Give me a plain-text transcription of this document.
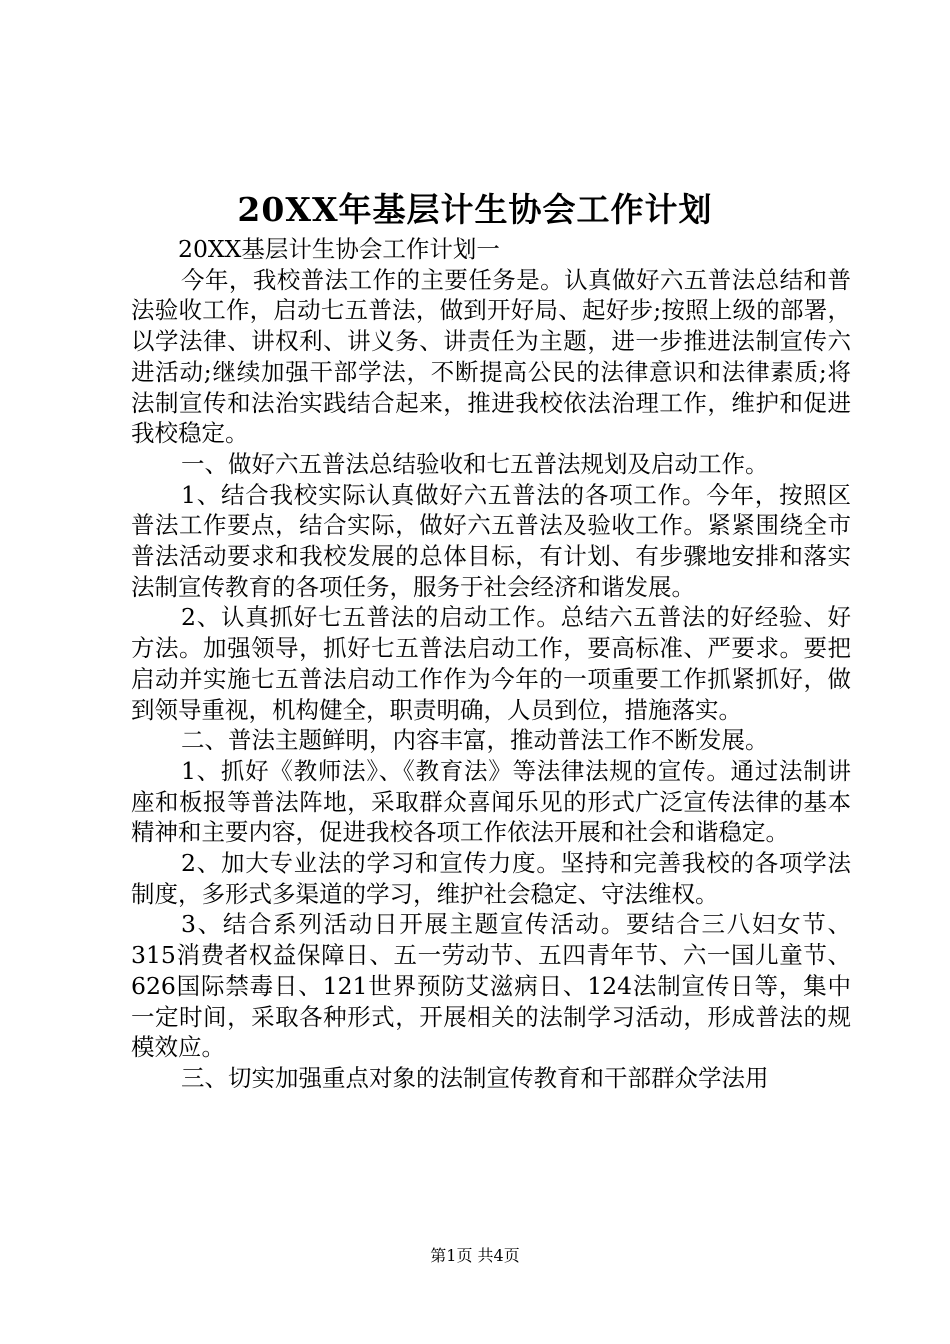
20XX年基层计生协会工作计划

20XX基层计生协会工作计划一

今年，我校普法工作的主要任务是。认真做好六五普法总结和普法验收工作，启动七五普法，做到开好局、起好步;按照上级的部署，以学法律、讲权利、讲义务、讲责任为主题，进一步推进法制宣传六进活动;继续加强干部学法，不断提高公民的法律意识和法律素质;将法制宣传和法治实践结合起来，推进我校依法治理工作，维护和促进我校稳定。

一、做好六五普法总结验收和七五普法规划及启动工作。

1、结合我校实际认真做好六五普法的各项工作。今年，按照区普法工作要点，结合实际，做好六五普法及验收工作。紧紧围绕全市普法活动要求和我校发展的总体目标，有计划、有步骤地安排和落实法制宣传教育的各项任务，服务于社会经济和谐发展。

2、认真抓好七五普法的启动工作。总结六五普法的好经验、好方法。加强领导，抓好七五普法启动工作，要高标准、严要求。要把启动并实施七五普法启动工作作为今年的一项重要工作抓紧抓好，做到领导重视，机构健全，职责明确，人员到位，措施落实。

二、普法主题鲜明，内容丰富，推动普法工作不断发展。

1、抓好《教师法》、《教育法》等法律法规的宣传。通过法制讲座和板报等普法阵地，采取群众喜闻乐见的形式广泛宣传法律的基本精神和主要内容，促进我校各项工作依法开展和社会和谐稳定。

2、加大专业法的学习和宣传力度。坚持和完善我校的各项学法制度，多形式多渠道的学习，维护社会稳定、守法维权。

3、结合系列活动日开展主题宣传活动。要结合三八妇女节、315消费者权益保障日、五一劳动节、五四青年节、六一国儿童节、626国际禁毒日、121世界预防艾滋病日、124法制宣传日等，集中一定时间，采取各种形式，开展相关的法制学习活动，形成普法的规模效应。

三、切实加强重点对象的法制宣传教育和干部群众学法用

第1页 共4页
